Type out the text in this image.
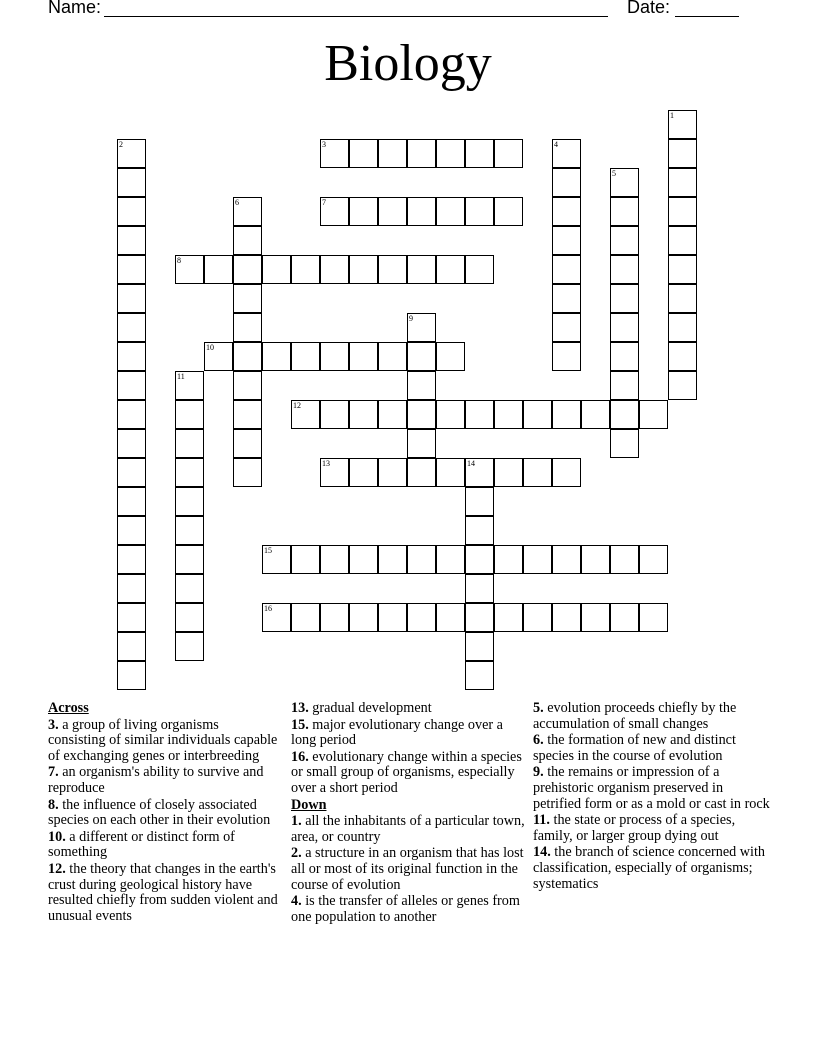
Name:	Date:
Biology
1
2	3	4
5
6	7
8
9
10
11
12
13	14
15
16

Across

3. a group of living organisms consisting of similar individuals capable of exchanging genes or interbreeding

7. an organism's ability to survive and reproduce

8. the influence of closely associated species on each other in their evolution

10. a different or distinct form of something

12. the theory that changes in the earth's crust during geological history have resulted chiefly from sudden violent and unusual events

13. gradual development

15. major evolutionary change over a long period

16. evolutionary change within a species or small group of organisms, especially over a short period

Down

1. all the inhabitants of a particular town, area, or country

2. a structure in an organism that has lost all or most of its original function in the course of evolution

4. is the transfer of alleles or genes from one population to another

5. evolution proceeds chiefly by the accumulation of small changes

6. the formation of new and distinct species in the course of evolution

9. the remains or impression of a prehistoric organism preserved in petrified form or as a mold or cast in rock

11. the state or process of a species, family, or larger group dying out

14. the branch of science concerned with classification, especially of organisms; systematics
